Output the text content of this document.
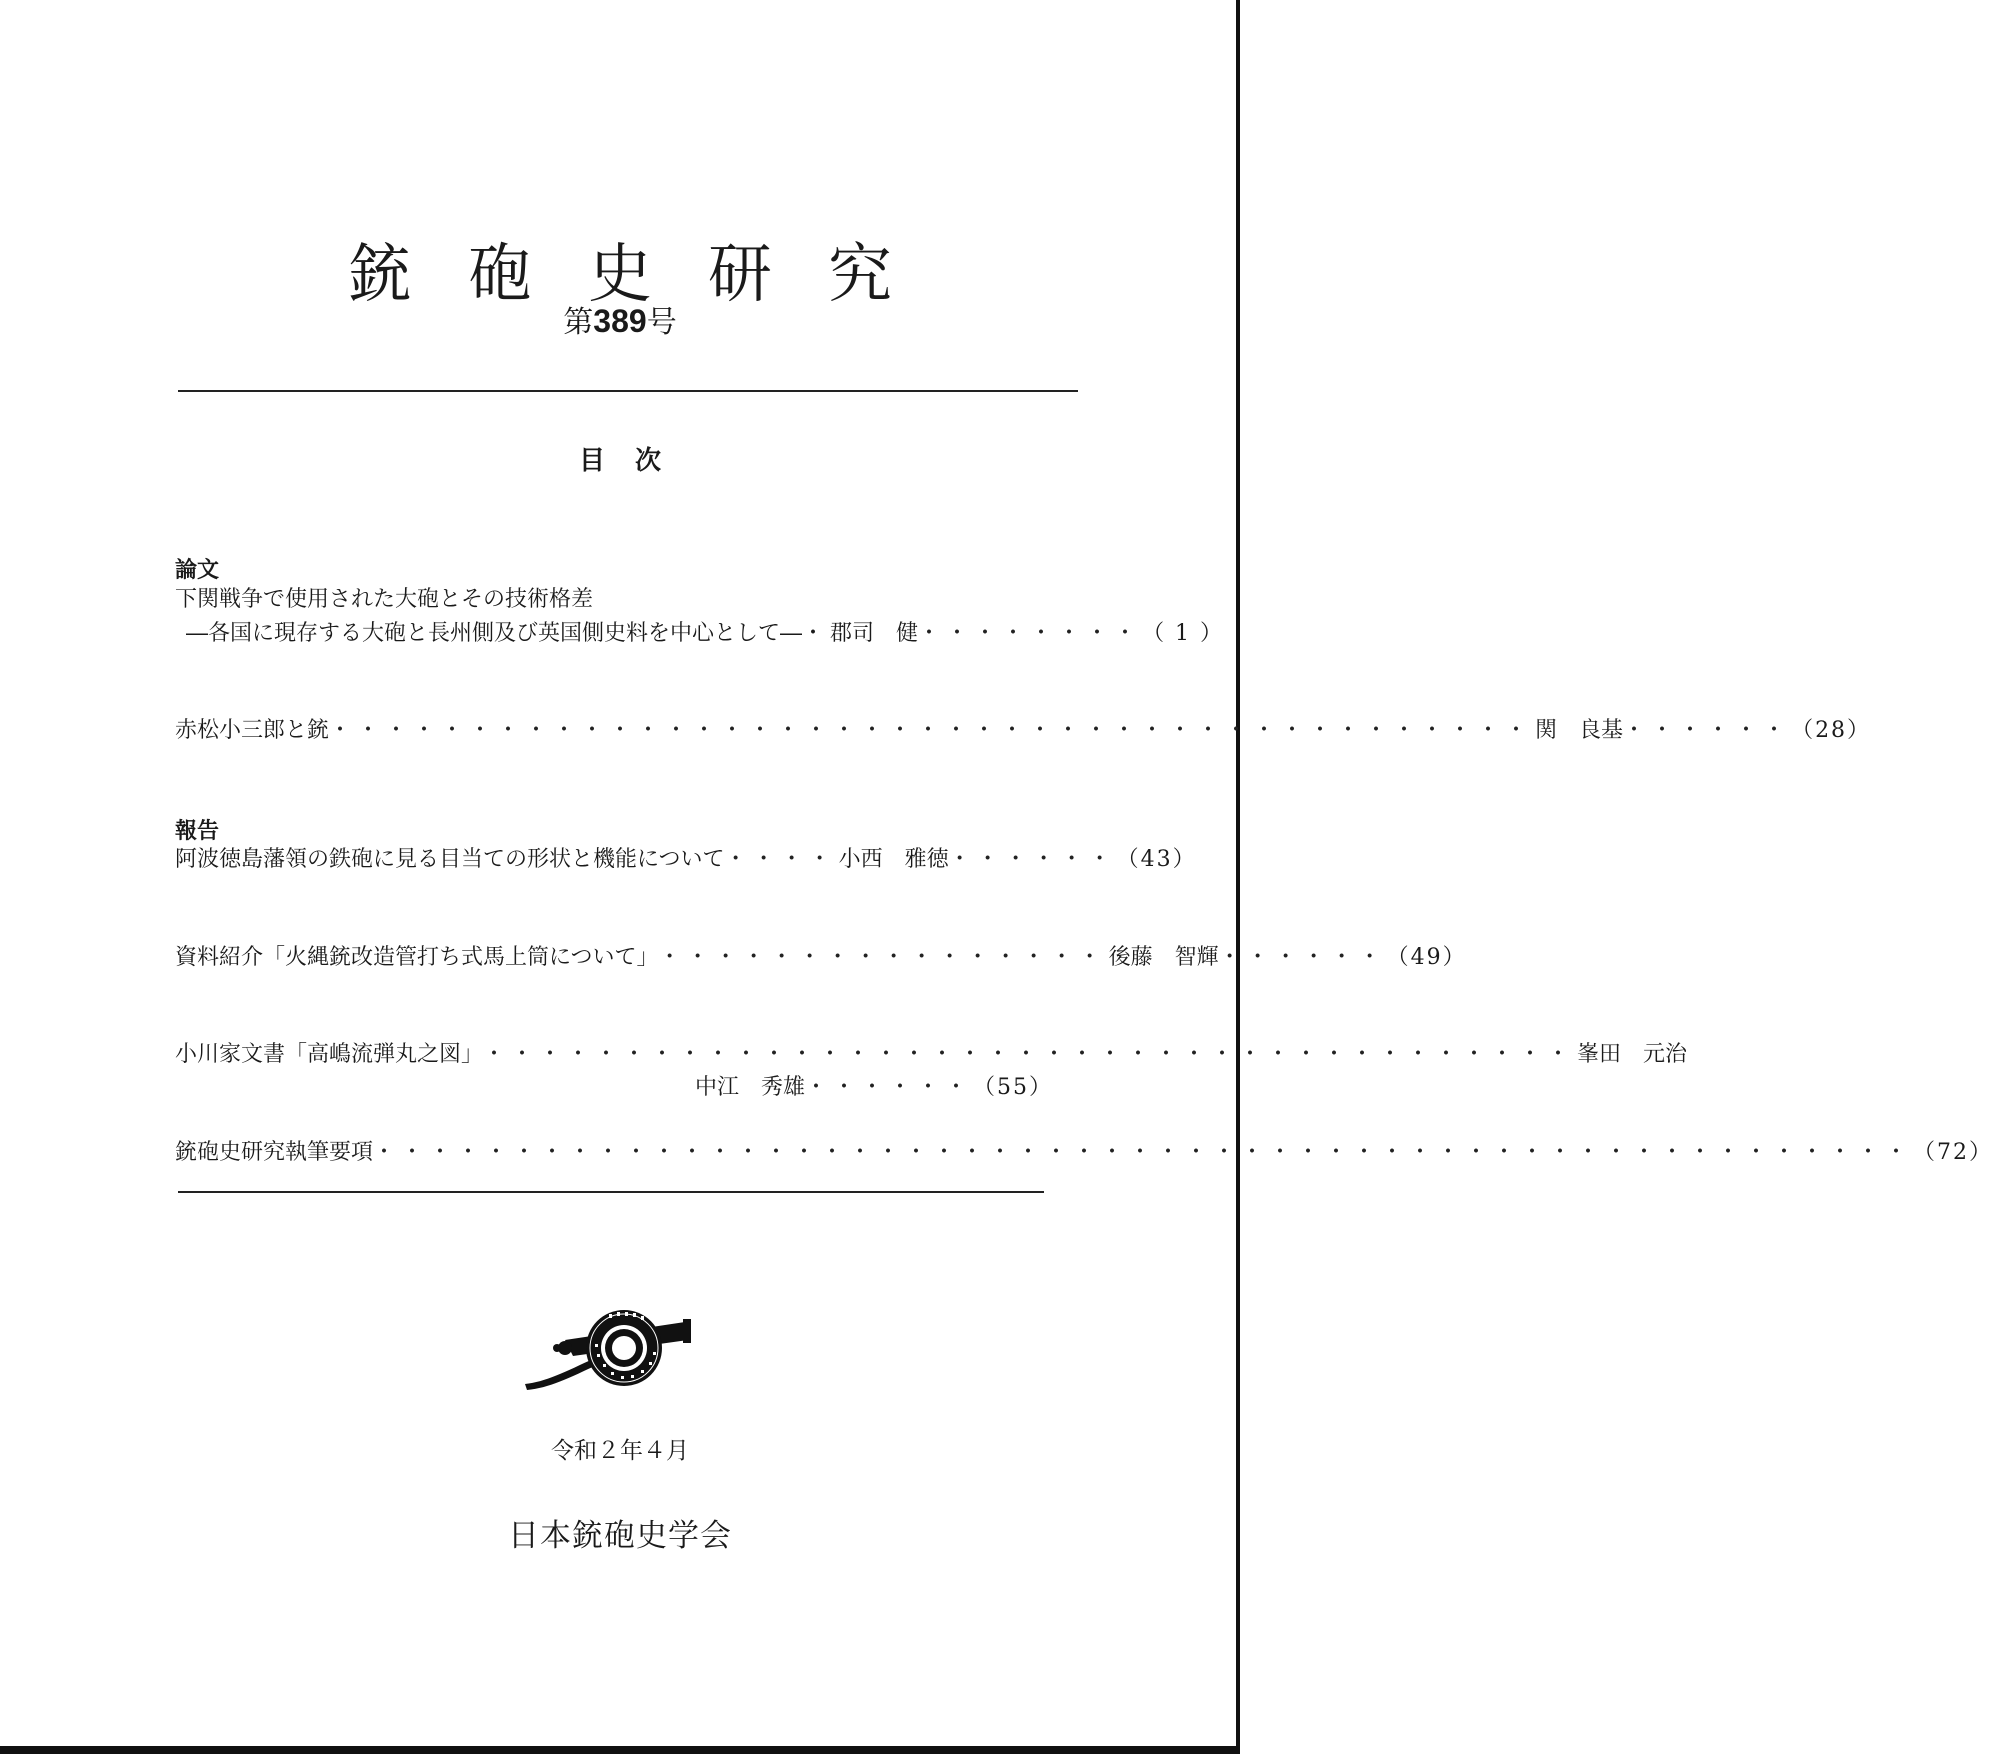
銃砲史研究
第389号
目次
論文
下関戦争で使用された大砲とその技術格差
―各国に現存する大砲と長州側及び英国側史料を中心として― ・ 郡司　健 ・・・・・・・・ （ 1 ）
赤松小三郎と銃 ・・・・・・・・・・・・・・・・・・・・・・・・・・・・・・・・・・・・・・・・・・・ 関　良基 ・・・・・・ （28）
報告
阿波徳島藩領の鉄砲に見る目当ての形状と機能について ・・・・ 小西　雅徳 ・・・・・・ （43）
資料紹介「火縄銃改造管打ち式馬上筒について」 ・・・・・・・・・・・・・・・・ 後藤　智輝 ・・・・・・ （49）
小川家文書「高嶋流弾丸之図」 ・・・・・・・・・・・・・・・・・・・・・・・・・・・・・・・・・・・・・・・ 峯田　元治
中江　秀雄 ・・・・・・ （55）
銃砲史研究執筆要項 ・・・・・・・・・・・・・・・・・・・・・・・・・・・・・・・・・・・・・・・・・・・・・・・・・・・・・・・ （72）
令和２年４月
日本銃砲史学会
